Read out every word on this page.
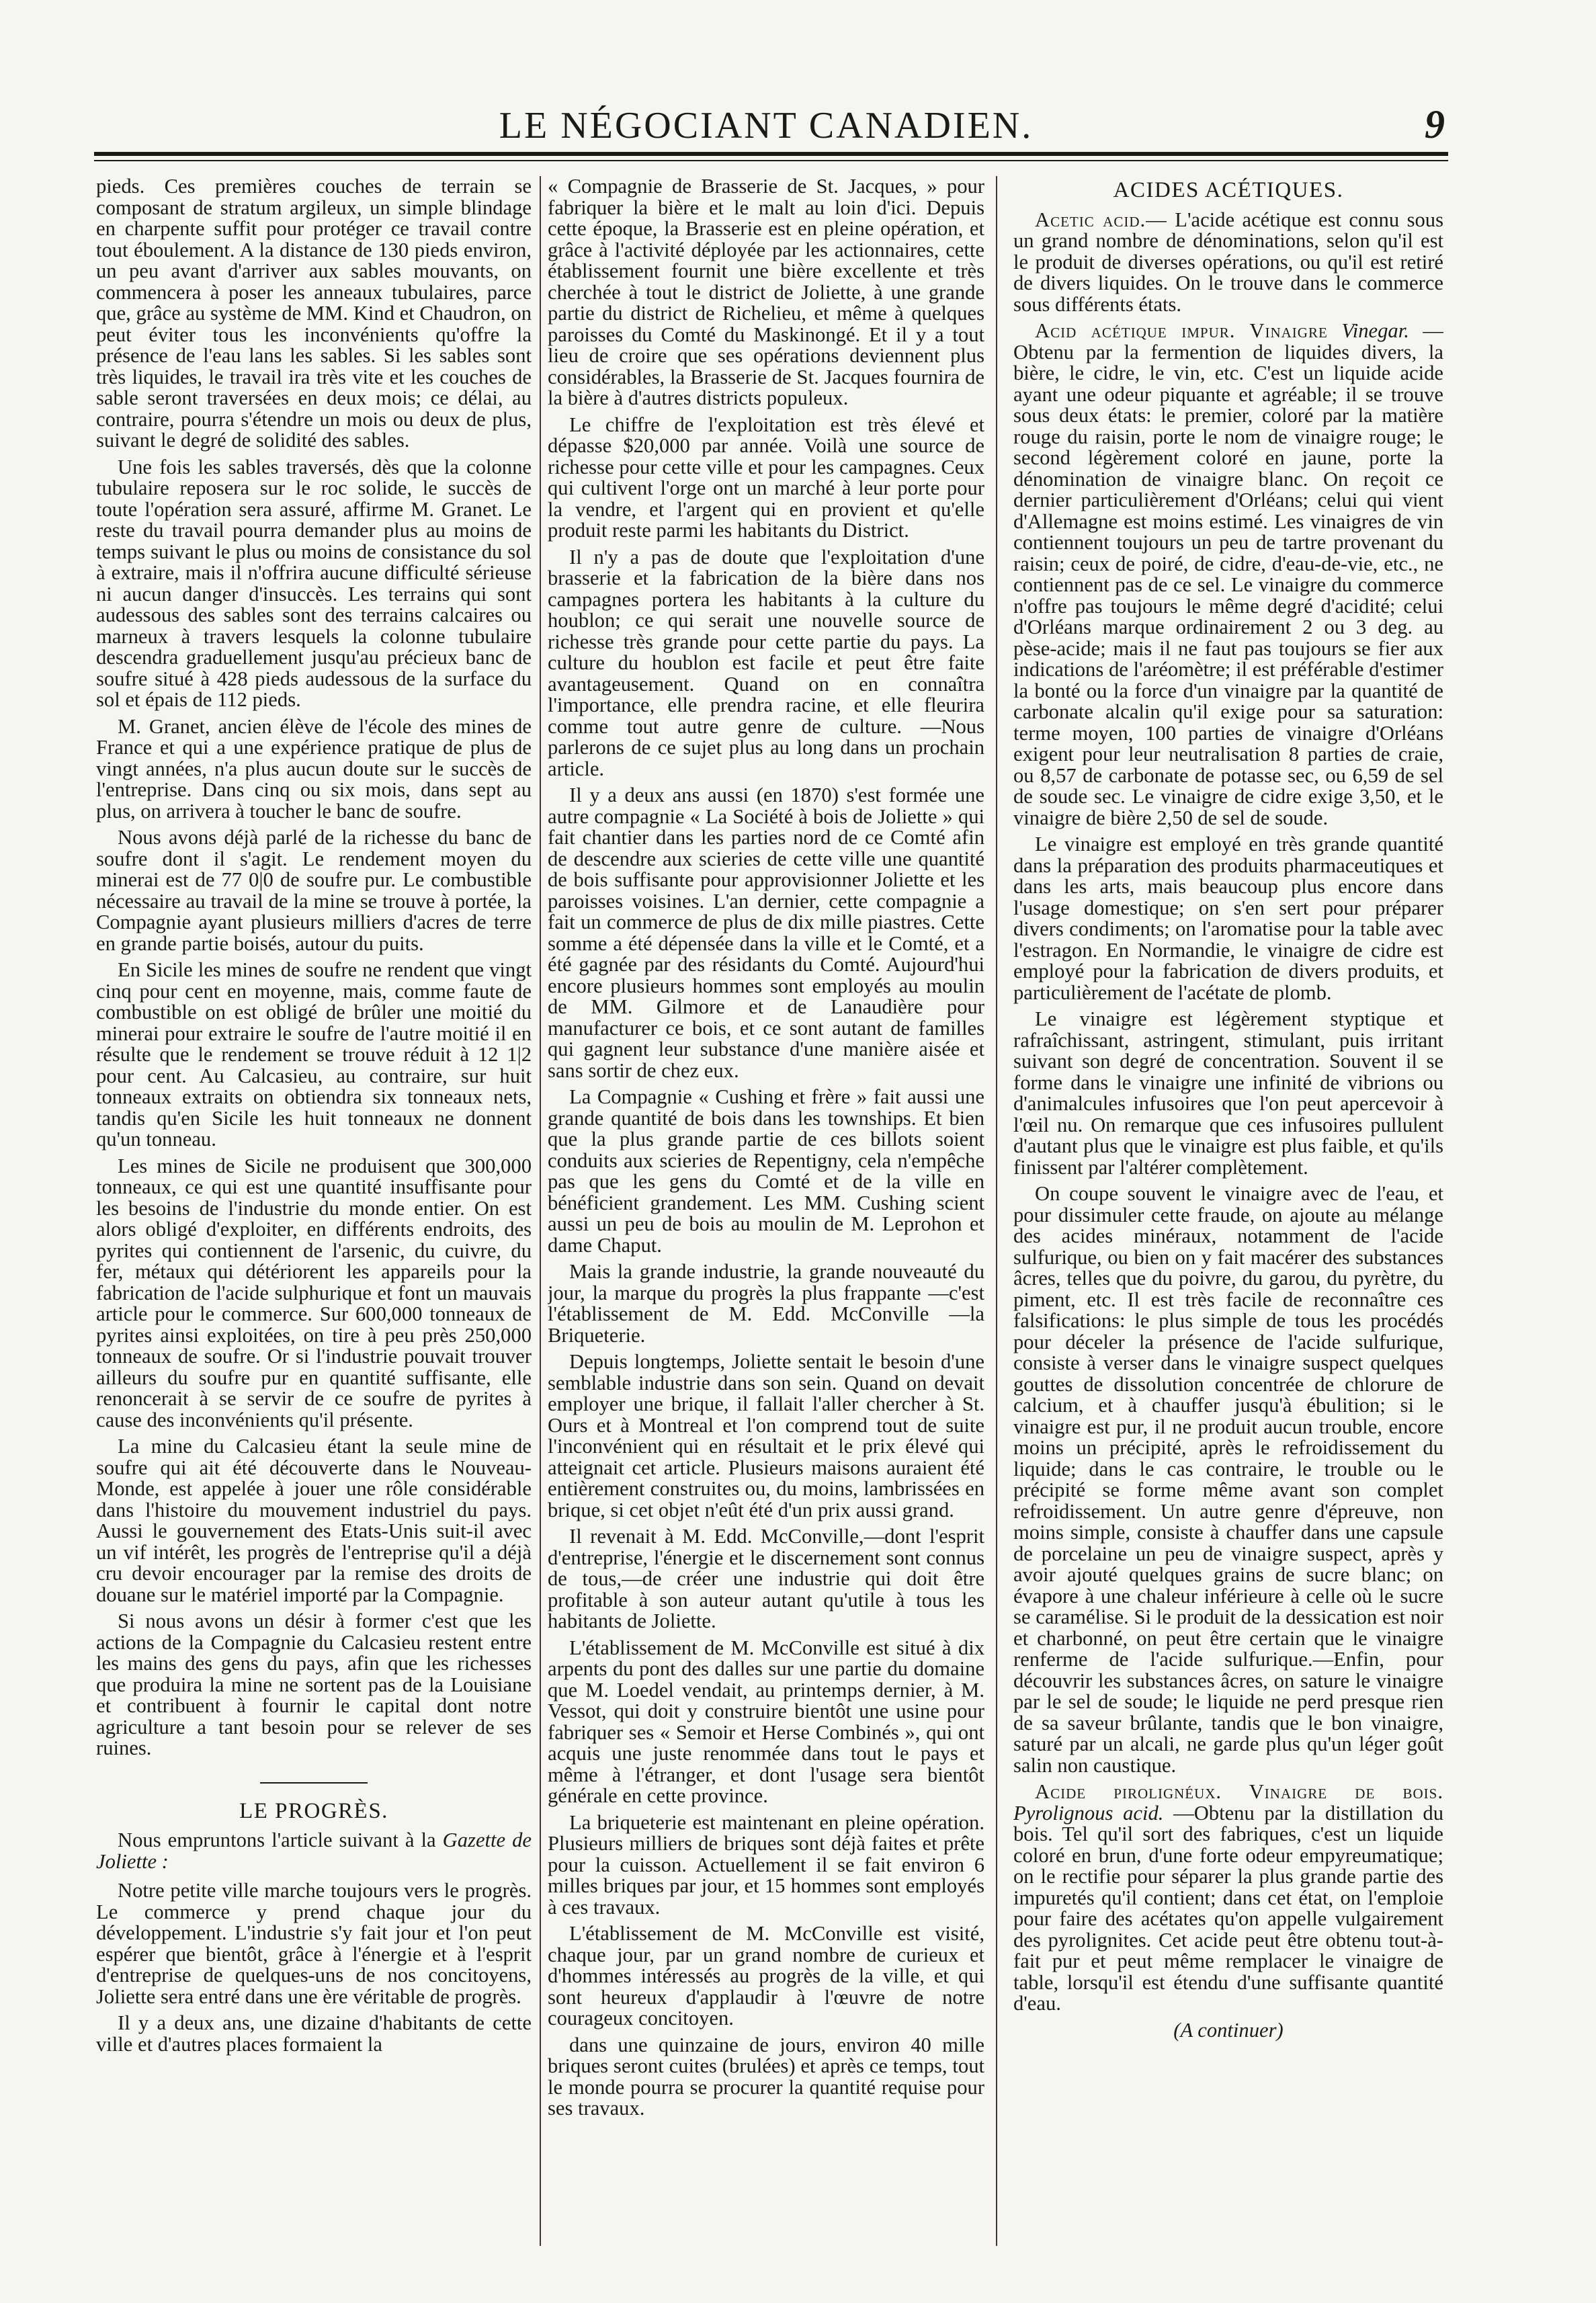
LE NÉGOCIANT CANADIEN.	9

pieds. Ces premières couches de terrain se composant de stratum argileux, un simple blindage en charpente suffit pour protéger ce travail contre tout éboulement. A la distance de 130 pieds environ, un peu avant d'arriver aux sables mouvants, on commencera à poser les anneaux tubulaires, parce que, grâce au système de MM. Kind et Chaudron, on peut éviter tous les inconvénients qu'offre la présence de l'eau lans les sables. Si les sables sont très liquides, le travail ira très vite et les couches de sable seront traversées en deux mois; ce délai, au contraire, pourra s'étendre un mois ou deux de plus, suivant le degré de solidité des sables.

Une fois les sables traversés, dès que la colonne tubulaire reposera sur le roc solide, le succès de toute l'opération sera assuré, affirme M. Granet. Le reste du travail pourra demander plus au moins de temps suivant le plus ou moins de consistance du sol à extraire, mais il n'offrira aucune difficulté sérieuse ni aucun danger d'insuccès. Les terrains qui sont audessous des sables sont des terrains calcaires ou marneux à travers lesquels la colonne tubulaire descendra graduellement jusqu'au précieux banc de soufre situé à 428 pieds audessous de la surface du sol et épais de 112 pieds.

M. Granet, ancien élève de l'école des mines de France et qui a une expérience pratique de plus de vingt années, n'a plus aucun doute sur le succès de l'entreprise. Dans cinq ou six mois, dans sept au plus, on arrivera à toucher le banc de soufre.

Nous avons déjà parlé de la richesse du banc de soufre dont il s'agit. Le rendement moyen du minerai est de 77 0|0 de soufre pur. Le combustible nécessaire au travail de la mine se trouve à portée, la Compagnie ayant plusieurs milliers d'acres de terre en grande partie boisés, autour du puits.

En Sicile les mines de soufre ne rendent que vingt cinq pour cent en moyenne, mais, comme faute de combustible on est obligé de brûler une moitié du minerai pour extraire le soufre de l'autre moitié il en résulte que le rendement se trouve réduit à 12 1|2 pour cent. Au Calcasieu, au contraire, sur huit tonneaux extraits on obtiendra six tonneaux nets, tandis qu'en Sicile les huit tonneaux ne donnent qu'un tonneau.

Les mines de Sicile ne produisent que 300,000 tonneaux, ce qui est une quantité insuffisante pour les besoins de l'industrie du monde entier. On est alors obligé d'exploiter, en différents endroits, des pyrites qui contiennent de l'arsenic, du cuivre, du fer, métaux qui détériorent les appareils pour la fabrication de l'acide sulphurique et font un mauvais article pour le commerce. Sur 600,000 tonneaux de pyrites ainsi exploitées, on tire à peu près 250,000 tonneaux de soufre. Or si l'industrie pouvait trouver ailleurs du soufre pur en quantité suffisante, elle renoncerait à se servir de ce soufre de pyrites à cause des inconvénients qu'il présente.

La mine du Calcasieu étant la seule mine de soufre qui ait été découverte dans le Nouveau-Monde, est appelée à jouer une rôle considérable dans l'histoire du mouvement industriel du pays. Aussi le gouvernement des Etats-Unis suit-il avec un vif intérêt, les progrès de l'entreprise qu'il a déjà cru devoir encourager par la remise des droits de douane sur le matériel importé par la Compagnie.

Si nous avons un désir à former c'est que les actions de la Compagnie du Calcasieu restent entre les mains des gens du pays, afin que les richesses que produira la mine ne sortent pas de la Louisiane et contribuent à fournir le capital dont notre agriculture a tant besoin pour se relever de ses ruines.

LE PROGRÈS.
Nous empruntons l'article suivant à la Gazette de Joliette :

Notre petite ville marche toujours vers le progrès. Le commerce y prend chaque jour du développement. L'industrie s'y fait jour et l'on peut espérer que bientôt, grâce à l'énergie et à l'esprit d'entreprise de quelques-uns de nos concitoyens, Joliette sera entré dans une ère véritable de progrès.

Il y a deux ans, une dizaine d'habitants de cette ville et d'autres places formaient la

« Compagnie de Brasserie de St. Jacques, » pour fabriquer la bière et le malt au loin d'ici. Depuis cette époque, la Brasserie est en pleine opération, et grâce à l'activité déployée par les actionnaires, cette établissement fournit une bière excellente et très cherchée à tout le district de Joliette, à une grande partie du district de Richelieu, et même à quelques paroisses du Comté du Maskinongé. Et il y a tout lieu de croire que ses opérations deviennent plus considérables, la Brasserie de St. Jacques fournira de la bière à d'autres districts populeux.

Le chiffre de l'exploitation est très élevé et dépasse $20,000 par année. Voilà une source de richesse pour cette ville et pour les campagnes. Ceux qui cultivent l'orge ont un marché à leur porte pour la vendre, et l'argent qui en provient et qu'elle produit reste parmi les habitants du District.

Il n'y a pas de doute que l'exploitation d'une brasserie et la fabrication de la bière dans nos campagnes portera les habitants à la culture du houblon; ce qui serait une nouvelle source de richesse très grande pour cette partie du pays. La culture du houblon est facile et peut être faite avantageusement. Quand on en connaîtra l'importance, elle prendra racine, et elle fleurira comme tout autre genre de culture. —Nous parlerons de ce sujet plus au long dans un prochain article.

Il y a deux ans aussi (en 1870) s'est formée une autre compagnie « La Société à bois de Joliette » qui fait chantier dans les parties nord de ce Comté afin de descendre aux scieries de cette ville une quantité de bois suffisante pour approvisionner Joliette et les paroisses voisines. L'an dernier, cette compagnie a fait un commerce de plus de dix mille piastres. Cette somme a été dépensée dans la ville et le Comté, et a été gagnée par des résidants du Comté. Aujourd'hui encore plusieurs hommes sont employés au moulin de MM. Gilmore et de Lanaudière pour manufacturer ce bois, et ce sont autant de familles qui gagnent leur substance d'une manière aisée et sans sortir de chez eux.

La Compagnie « Cushing et frère » fait aussi une grande quantité de bois dans les townships. Et bien que la plus grande partie de ces billots soient conduits aux scieries de Repentigny, cela n'empêche pas que les gens du Comté et de la ville en bénéficient grandement. Les MM. Cushing scient aussi un peu de bois au moulin de M. Leprohon et dame Chaput.

Mais la grande industrie, la grande nouveauté du jour, la marque du progrès la plus frappante —c'est l'établissement de M. Edd. McConville —la Briqueterie.

Depuis longtemps, Joliette sentait le besoin d'une semblable industrie dans son sein. Quand on devait employer une brique, il fallait l'aller chercher à St. Ours et à Montreal et l'on comprend tout de suite l'inconvénient qui en résultait et le prix élevé qui atteignait cet article. Plusieurs maisons auraient été entièrement construites ou, du moins, lambrissées en brique, si cet objet n'eût été d'un prix aussi grand.

Il revenait à M. Edd. McConville,—dont l'esprit d'entreprise, l'énergie et le discernement sont connus de tous,—de créer une industrie qui doit être profitable à son auteur autant qu'utile à tous les habitants de Joliette.

L'établissement de M. McConville est situé à dix arpents du pont des dalles sur une partie du domaine que M. Loedel vendait, au printemps dernier, à M. Vessot, qui doit y construire bientôt une usine pour fabriquer ses « Semoir et Herse Combinés », qui ont acquis une juste renommée dans tout le pays et même à l'étranger, et dont l'usage sera bientôt générale en cette province.

La briqueterie est maintenant en pleine opération. Plusieurs milliers de briques sont déjà faites et prête pour la cuisson. Actuellement il se fait environ 6 milles briques par jour, et 15 hommes sont employés à ces travaux.

L'établissement de M. McConville est visité, chaque jour, par un grand nombre de curieux et d'hommes intéressés au progrès de la ville, et qui sont heureux d'applaudir à l'œuvre de notre courageux concitoyen.

dans une quinzaine de jours, environ 40 mille briques seront cuites (brulées) et après ce temps, tout le monde pourra se procurer la quantité requise pour ses travaux.

ACIDES ACÉTIQUES.

Acetic acid.— L'acide acétique est connu sous un grand nombre de dénominations, selon qu'il est le produit de diverses opérations, ou qu'il est retiré de divers liquides. On le trouve dans le commerce sous différents états.

Acid acétique impur. Vinaigre Vinegar. —Obtenu par la fermention de liquides divers, la bière, le cidre, le vin, etc. C'est un liquide acide ayant une odeur piquante et agréable; il se trouve sous deux états: le premier, coloré par la matière rouge du raisin, porte le nom de vinaigre rouge; le second légèrement coloré en jaune, porte la dénomination de vinaigre blanc. On reçoit ce dernier particulièrement d'Orléans; celui qui vient d'Allemagne est moins estimé. Les vinaigres de vin contiennent toujours un peu de tartre provenant du raisin; ceux de poiré, de cidre, d'eau-de-vie, etc., ne contiennent pas de ce sel. Le vinaigre du commerce n'offre pas toujours le même degré d'acidité; celui d'Orléans marque ordinairement 2 ou 3 deg. au pèse-acide; mais il ne faut pas toujours se fier aux indications de l'aréomètre; il est préférable d'estimer la bonté ou la force d'un vinaigre par la quantité de carbonate alcalin qu'il exige pour sa saturation: terme moyen, 100 parties de vinaigre d'Orléans exigent pour leur neutralisation 8 parties de craie, ou 8,57 de carbonate de potasse sec, ou 6,59 de sel de soude sec. Le vinaigre de cidre exige 3,50, et le vinaigre de bière 2,50 de sel de soude.

Le vinaigre est employé en très grande quantité dans la préparation des produits pharmaceutiques et dans les arts, mais beaucoup plus encore dans l'usage domestique; on s'en sert pour préparer divers condiments; on l'aromatise pour la table avec l'estragon. En Normandie, le vinaigre de cidre est employé pour la fabrication de divers produits, et particulièrement de l'acétate de plomb.

Le vinaigre est légèrement styptique et rafraîchissant, astringent, stimulant, puis irritant suivant son degré de concentration. Souvent il se forme dans le vinaigre une infinité de vibrions ou d'animalcules infusoires que l'on peut apercevoir à l'œil nu. On remarque que ces infusoires pullulent d'autant plus que le vinaigre est plus faible, et qu'ils finissent par l'altérer complètement.

On coupe souvent le vinaigre avec de l'eau, et pour dissimuler cette fraude, on ajoute au mélange des acides minéraux, notamment de l'acide sulfurique, ou bien on y fait macérer des substances âcres, telles que du poivre, du garou, du pyrètre, du piment, etc. Il est très facile de reconnaître ces falsifications: le plus simple de tous les procédés pour déceler la présence de l'acide sulfurique, consiste à verser dans le vinaigre suspect quelques gouttes de dissolution concentrée de chlorure de calcium, et à chauffer jusqu'à ébulition; si le vinaigre est pur, il ne produit aucun trouble, encore moins un précipité, après le refroidissement du liquide; dans le cas contraire, le trouble ou le précipité se forme même avant son complet refroidissement. Un autre genre d'épreuve, non moins simple, consiste à chauffer dans une capsule de porcelaine un peu de vinaigre suspect, après y avoir ajouté quelques grains de sucre blanc; on évapore à une chaleur inférieure à celle où le sucre se caramélise. Si le produit de la dessication est noir et charbonné, on peut être certain que le vinaigre renferme de l'acide sulfurique.—Enfin, pour découvrir les substances âcres, on sature le vinaigre par le sel de soude; le liquide ne perd presque rien de sa saveur brûlante, tandis que le bon vinaigre, saturé par un alcali, ne garde plus qu'un léger goût salin non caustique.

Acide pirolignéux. Vinaigre de bois. Pyrolignous acid. —Obtenu par la distillation du bois. Tel qu'il sort des fabriques, c'est un liquide coloré en brun, d'une forte odeur empyreumatique; on le rectifie pour séparer la plus grande partie des impuretés qu'il contient; dans cet état, on l'emploie pour faire des acétates qu'on appelle vulgairement des pyrolignites. Cet acide peut être obtenu tout-à-fait pur et peut même remplacer le vinaigre de table, lorsqu'il est étendu d'une suffisante quantité d'eau.

(A continuer)
